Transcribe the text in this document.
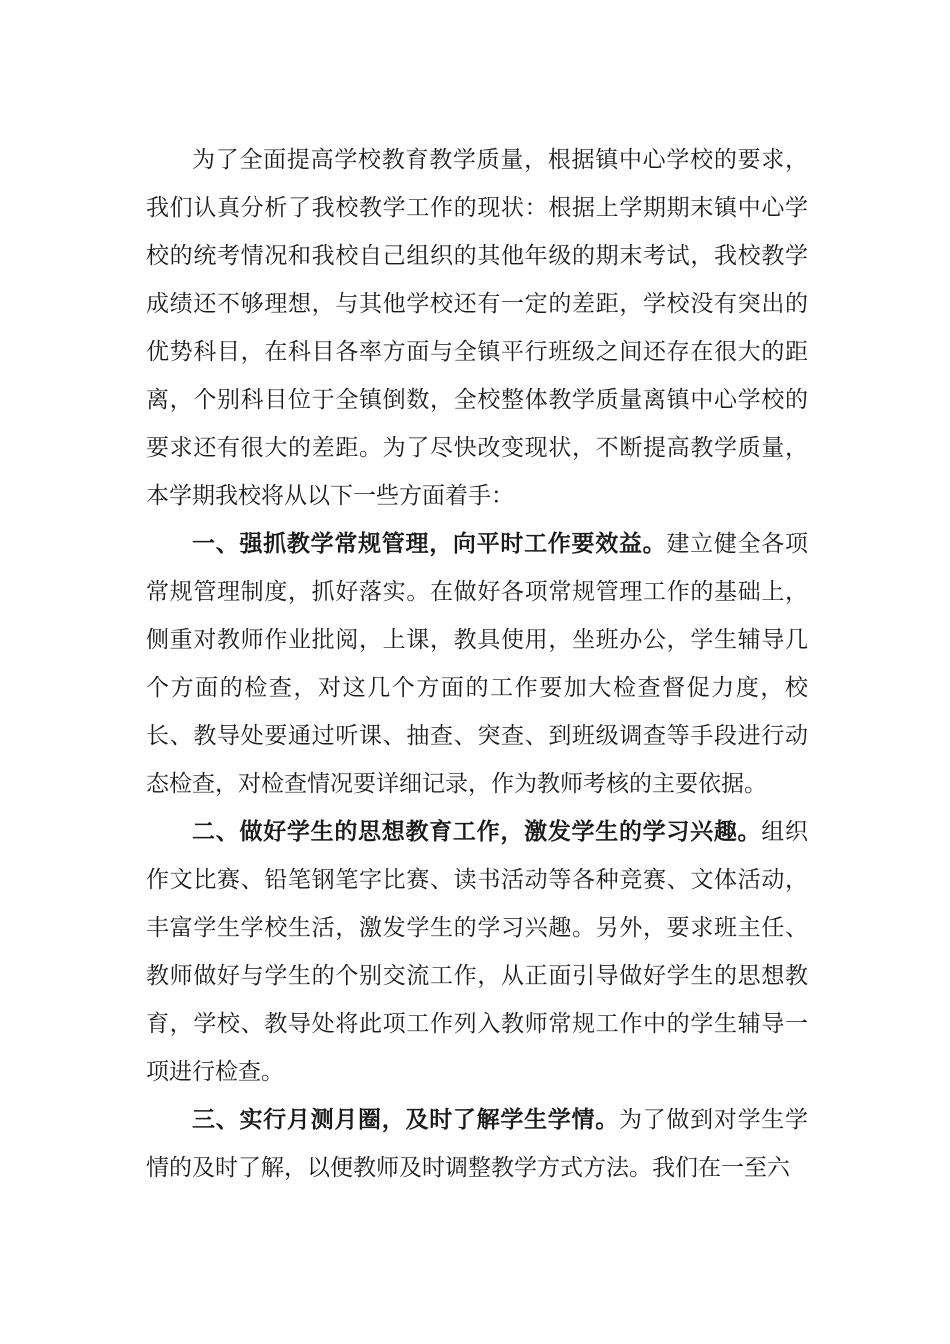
为了全面提高学校教育教学质量，根据镇中心学校的要求，我们认真分析了我校教学工作的现状：根据上学期期末镇中心学校的统考情况和我校自己组织的其他年级的期末考试，我校教学成绩还不够理想，与其他学校还有一定的差距，学校没有突出的优势科目，在科目各率方面与全镇平行班级之间还存在很大的距离，个别科目位于全镇倒数，全校整体教学质量离镇中心学校的要求还有很大的差距。为了尽快改变现状，不断提高教学质量，本学期我校将从以下一些方面着手：

一、强抓教学常规管理，向平时工作要效益。建立健全各项常规管理制度，抓好落实。在做好各项常规管理工作的基础上，侧重对教师作业批阅，上课，教具使用，坐班办公，学生辅导几个方面的检查，对这几个方面的工作要加大检查督促力度，校长、教导处要通过听课、抽查、突查、到班级调查等手段进行动态检查，对检查情况要详细记录，作为教师考核的主要依据。

二、做好学生的思想教育工作，激发学生的学习兴趣。组织作文比赛、铅笔钢笔字比赛、读书活动等各种竞赛、文体活动，丰富学生学校生活，激发学生的学习兴趣。另外，要求班主任、教师做好与学生的个别交流工作，从正面引导做好学生的思想教育，学校、教导处将此项工作列入教师常规工作中的学生辅导一项进行检查。

三、实行月测月圈，及时了解学生学情。为了做到对学生学情的及时了解，以便教师及时调整教学方式方法。我们在一至六
